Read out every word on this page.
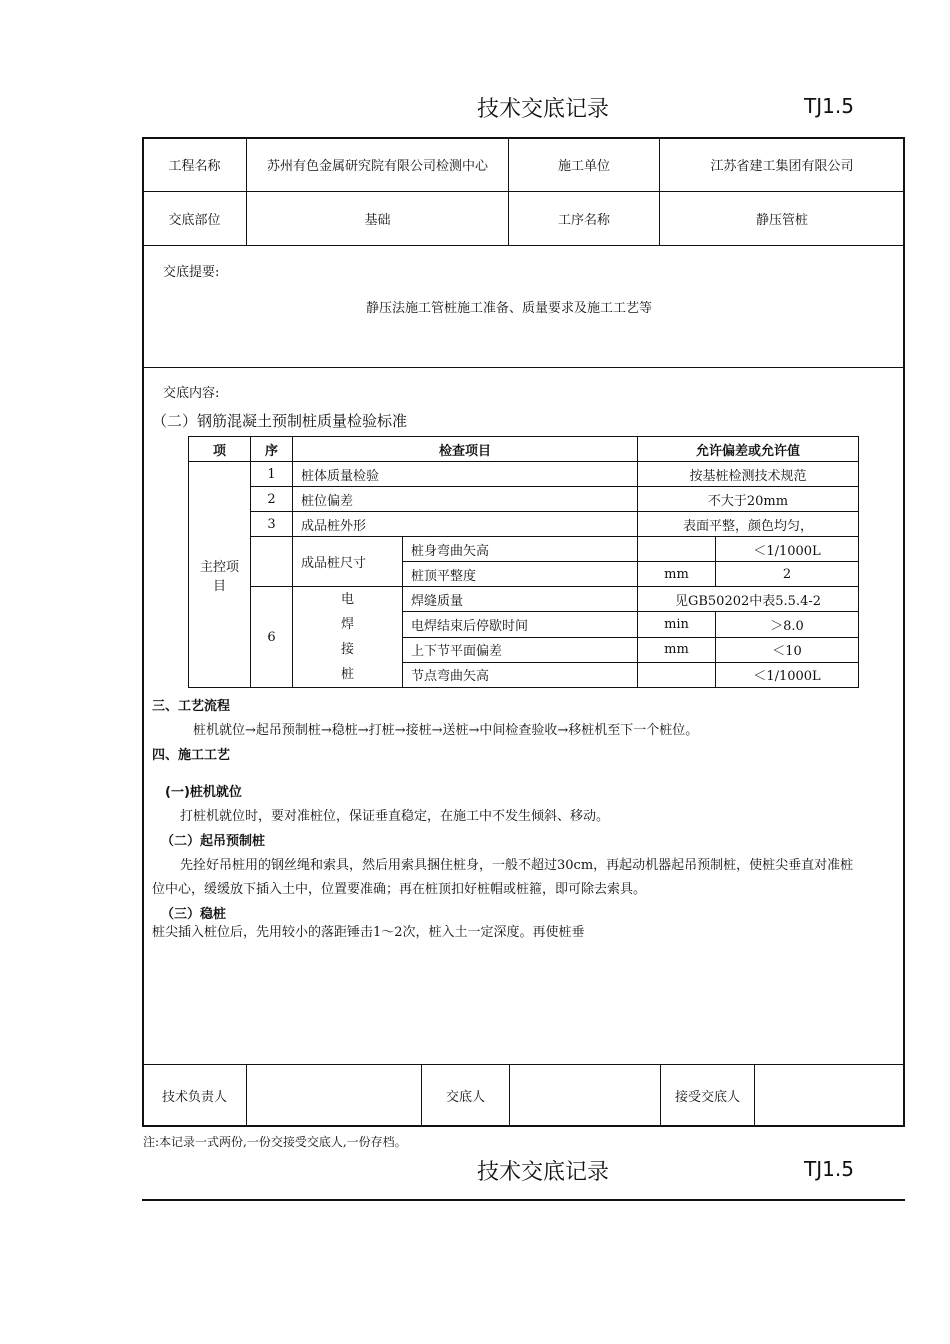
技术交底记录	TJ1.5
工程名称	苏州有色金属研究院有限公司检测中心	施工单位	江苏省建工集团有限公司
交底部位	基础	工序名称	静压管桩
交底提要:
静压法施工管桩施工准备、质量要求及施工工艺等
交底内容:
（二）钢筋混凝土预制桩质量检验标准
项	序	检查项目		允许偏差或允许值	
主控项目	1	桩体质量检验		按基桩检测技术规范	
	2	桩位偏差		不大于20mm	
	3	成品桩外形		表面平整，颜色均匀，	
		成品桩尺寸	桩身弯曲矢高		＜1/1000L
			桩顶平整度	mm	2
	6	电
焊
接
桩	焊缝质量	见GB50202中表5.5.4-2	
			电焊结束后停歇时间	min	＞8.0
			上下节平面偏差	mm	＜10
			节点弯曲矢高		＜1/1000L
三、工艺流程
桩机就位→起吊预制桩→稳桩→打桩→接桩→送桩→中间检查验收→移桩机至下一个桩位。
四、施工工艺
(一)桩机就位
打桩机就位时，要对准桩位，保证垂直稳定，在施工中不发生倾斜、移动。
（二）起吊预制桩
先拴好吊桩用的钢丝绳和索具，然后用索具捆住桩身，一般不超过30cm，再起动机器起吊预制桩，使桩尖垂直对准桩
位中心，缓缓放下插入土中，位置要准确；再在桩顶扣好桩帽或桩箍，即可除去索具。
（三）稳桩
桩尖插入桩位后，先用较小的落距锤击1～2次，桩入土一定深度。再使桩垂
技术负责人		交底人		接受交底人	
注:本记录一式两份,一份交接受交底人,一份存档。
技术交底记录	TJ1.5
